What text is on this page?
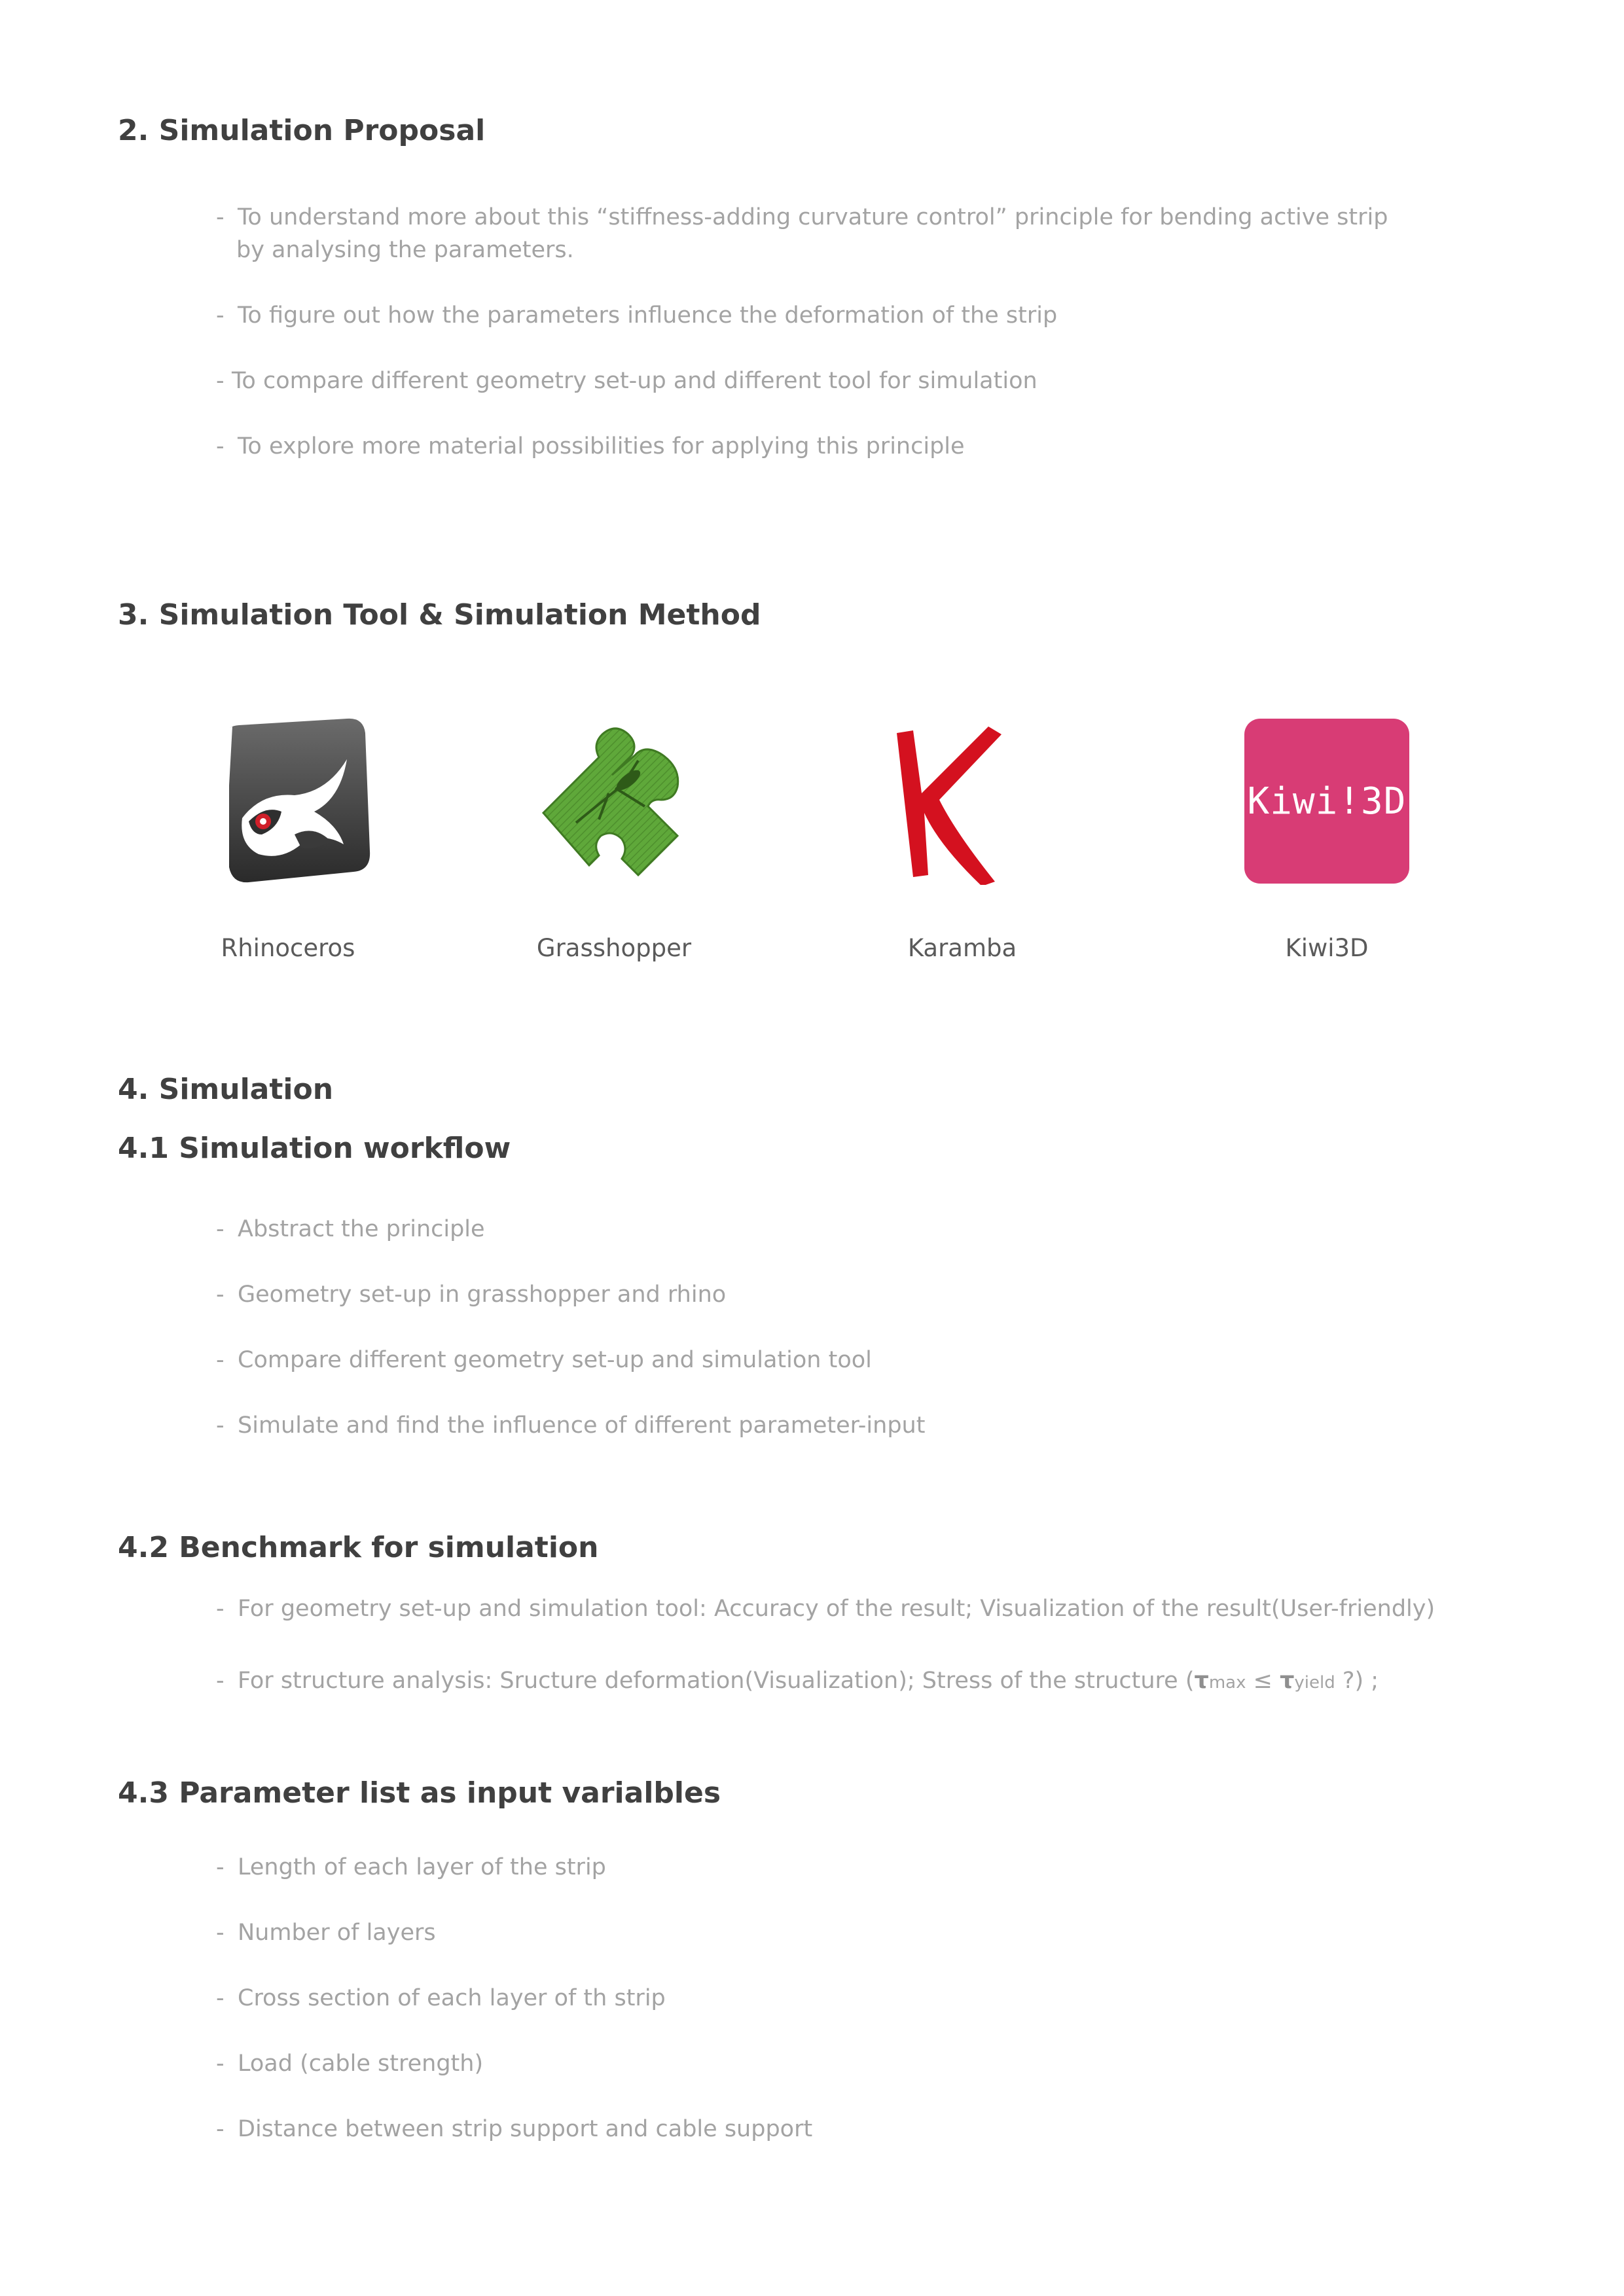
2. Simulation Proposal
- To understand more about this “stiffness-adding curvature control” principle for bending active strip
by analysing the parameters.
- To figure out how the parameters influence the deformation of the strip
- To compare different geometry set-up and different tool for simulation
- To explore more material possibilities for applying this principle
3. Simulation Tool & Simulation Method
Rhinoceros	Grasshopper	Karamba
Kiwi!3D
Kiwi3D
4. Simulation
4.1 Simulation workflow
- Abstract the principle
- Geometry set-up in grasshopper and rhino
- Compare different geometry set-up and simulation tool
- Simulate and find the influence of different parameter-input
4.2 Benchmark for simulation
- For geometry set-up and simulation tool: Accuracy of the result; Visualization of the result(User-friendly)
- For structure analysis: Sructure deformation(Visualization); Stress of the structure (τmax ≤ τyield ?) ;
4.3 Parameter list as input varialbles
- Length of each layer of the strip
- Number of layers
- Cross section of each layer of th strip
- Load (cable strength)
- Distance between strip support and cable support
